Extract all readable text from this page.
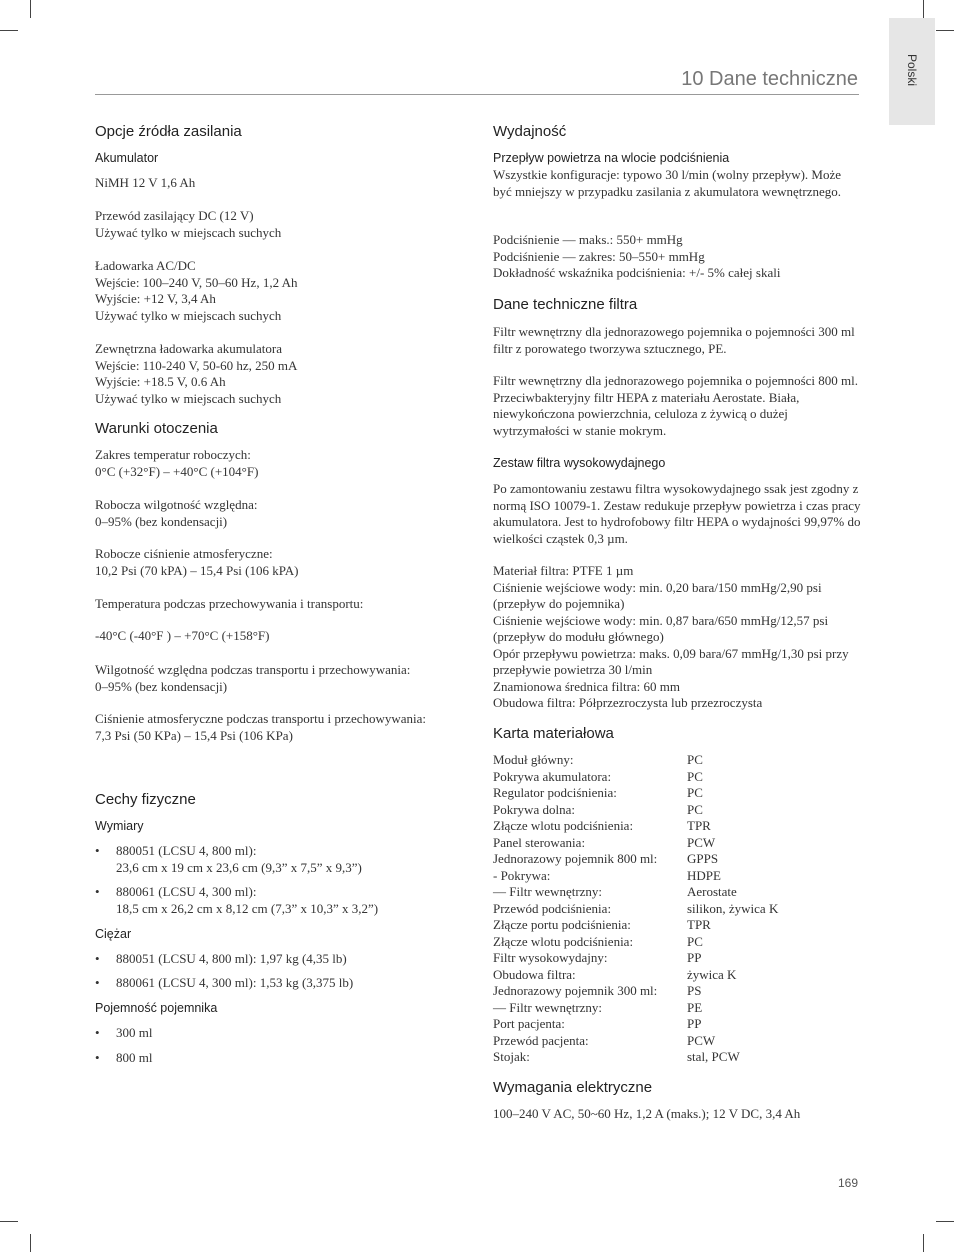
Polski
10 Dane techniczne
Opcje źródła zasilania
Akumulator
NiMH 12 V 1,6 Ah
Przewód zasilający DC (12 V)
Używać tylko w miejscach suchych
Ładowarka AC/DC
Wejście: 100–240 V, 50–60 Hz, 1,2 Ah
Wyjście: +12 V, 3,4 Ah
Używać tylko w miejscach suchych
Zewnętrzna ładowarka akumulatora
Wejście: 110-240 V, 50-60 hz, 250 mA
Wyjście: +18.5 V, 0.6 Ah
Używać tylko w miejscach suchych
Warunki otoczenia
Zakres temperatur roboczych:
0°C (+32°F) – +40°C (+104°F)
Robocza wilgotność względna:
0–95% (bez kondensacji)
Robocze ciśnienie atmosferyczne:
10,2 Psi (70 kPA) – 15,4 Psi (106 kPA)
Temperatura podczas przechowywania i transportu:
-40°C (-40°F ) – +70°C (+158°F)
Wilgotność względna podczas transportu i przechowywania:
0–95% (bez kondensacji)
Ciśnienie atmosferyczne podczas transportu i przechowywania:
7,3 Psi (50 KPa) – 15,4 Psi (106 KPa)
Cechy fizyczne
Wymiary
• 880051 (LCSU 4, 800 ml):
23,6 cm x 19 cm x 23,6 cm (9,3” x 7,5” x 9,3”)
• 880061 (LCSU 4, 300 ml):
18,5 cm x 26,2 cm x 8,12 cm (7,3” x 10,3” x 3,2”)
Ciężar
• 880051 (LCSU 4, 800 ml): 1,97 kg (4,35 lb)
• 880061 (LCSU 4, 300 ml): 1,53 kg (3,375 lb)
Pojemność pojemnika
• 300 ml
• 800 ml
Wydajność
Przepływ powietrza na wlocie podciśnienia
Wszystkie konfiguracje: typowo 30 l/min (wolny przepływ). Może być mniejszy w przypadku zasilania z akumulatora wewnętrznego.
Podciśnienie — maks.: 550+ mmHg
Podciśnienie — zakres: 50–550+ mmHg
Dokładność wskaźnika podciśnienia: +/- 5% całej skali
Dane techniczne filtra
Filtr wewnętrzny dla jednorazowego pojemnika o pojemności 300 ml filtr z porowatego tworzywa sztucznego, PE.
Filtr wewnętrzny dla jednorazowego pojemnika o pojemności 800 ml. Przeciwbakteryjny filtr HEPA z materiału Aerostate. Biała, niewykończona powierzchnia, celuloza z żywicą o dużej wytrzymałości w stanie mokrym.
Zestaw filtra wysokowydajnego
Po zamontowaniu zestawu filtra wysokowydajnego ssak jest zgodny z normą ISO 10079-1. Zestaw redukuje przepływ powietrza i czas pracy akumulatora. Jest to hydrofobowy filtr HEPA o wydajności 99,97% do wielkości cząstek 0,3 µm.
Materiał filtra: PTFE 1 µm
Ciśnienie wejściowe wody: min. 0,20 bara/150 mmHg/2,90 psi (przepływ do pojemnika)
Ciśnienie wejściowe wody: min. 0,87 bara/650 mmHg/12,57 psi (przepływ do modułu głównego)
Opór przepływu powietrza: maks. 0,09 bara/67 mmHg/1,30 psi przy przepływie powietrza 30 l/min
Znamionowa średnica filtra: 60 mm
Obudowa filtra: Półprzezroczysta lub przezroczysta
Karta materiałowa
Moduł główny:	PC
Pokrywa akumulatora:	PC
Regulator podciśnienia:	PC
Pokrywa dolna:	PC
Złącze wlotu podciśnienia:	TPR
Panel sterowania:	PCW
Jednorazowy pojemnik 800 ml:	GPPS
- Pokrywa:	HDPE
— Filtr wewnętrzny:	Aerostate
Przewód podciśnienia:	silikon, żywica K
Złącze portu podciśnienia:	TPR
Złącze wlotu podciśnienia:	PC
Filtr wysokowydajny:	PP
Obudowa filtra:	żywica K
Jednorazowy pojemnik 300 ml:	PS
— Filtr wewnętrzny:	PE
Port pacjenta:	PP
Przewód pacjenta:	PCW
Stojak:	stal, PCW
Wymagania elektryczne
100–240 V AC, 50~60 Hz, 1,2 A (maks.); 12 V DC, 3,4 Ah
169
